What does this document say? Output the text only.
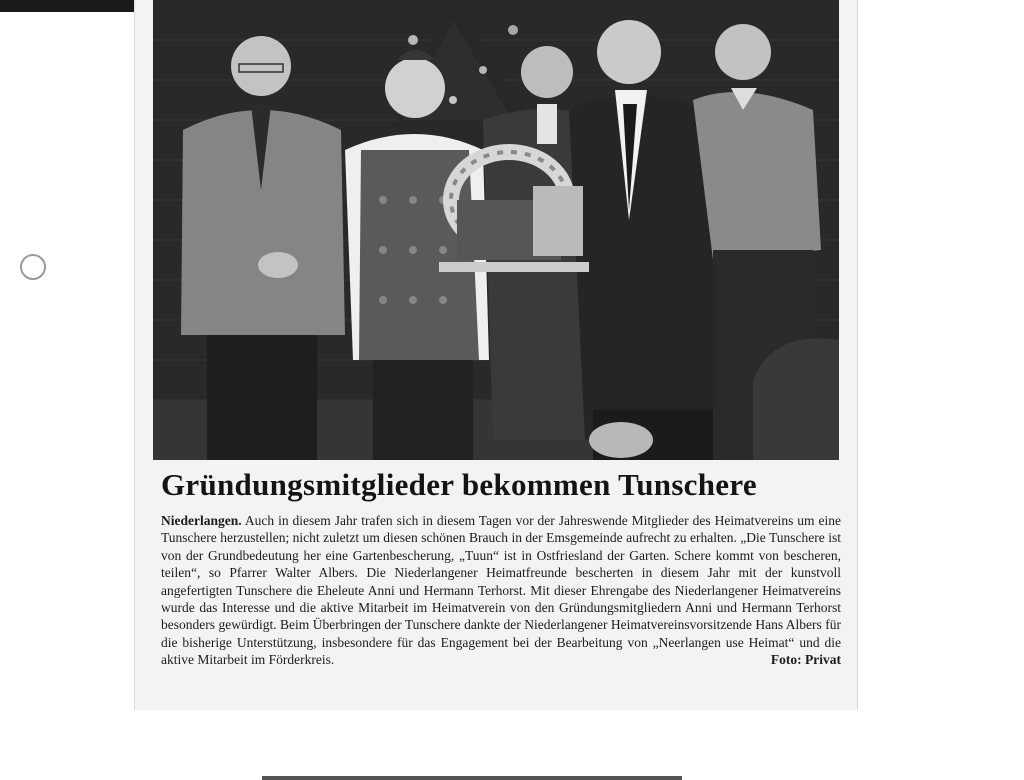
Gründungsmitglieder bekommen Tunschere

Niederlangen. Auch in diesem Jahr trafen sich in diesem Tagen vor der Jahreswende Mitglieder des Heimatvereins um eine Tunschere herzustellen; nicht zuletzt um diesen schönen Brauch in der Emsgemeinde aufrecht zu erhalten. „Die Tunschere ist von der Grundbedeutung her eine Gartenbescherung, „Tuun“ ist in Ostfriesland der Garten. Schere kommt von bescheren, teilen“, so Pfarrer Walter Albers. Die Niederlangener Heimatfreunde bescherten in diesem Jahr mit der kunstvoll angefertigten Tunschere die Eheleute Anni und Hermann Terhorst. Mit dieser Ehrengabe des Niederlangener Heimatvereins wurde das Interesse und die aktive Mitarbeit im Heimatverein von den Gründungsmitgliedern Anni und Hermann Terhorst besonders gewürdigt. Beim Überbringen der Tunschere dankte der Niederlangener Heimatvereinsvorsitzende Hans Albers für die bisherige Unterstützung, insbesondere für das Engagement bei der Bearbeitung von „Neerlangen use Heimat“ und die aktive Mitarbeit im Förderkreis.	Foto: Privat
